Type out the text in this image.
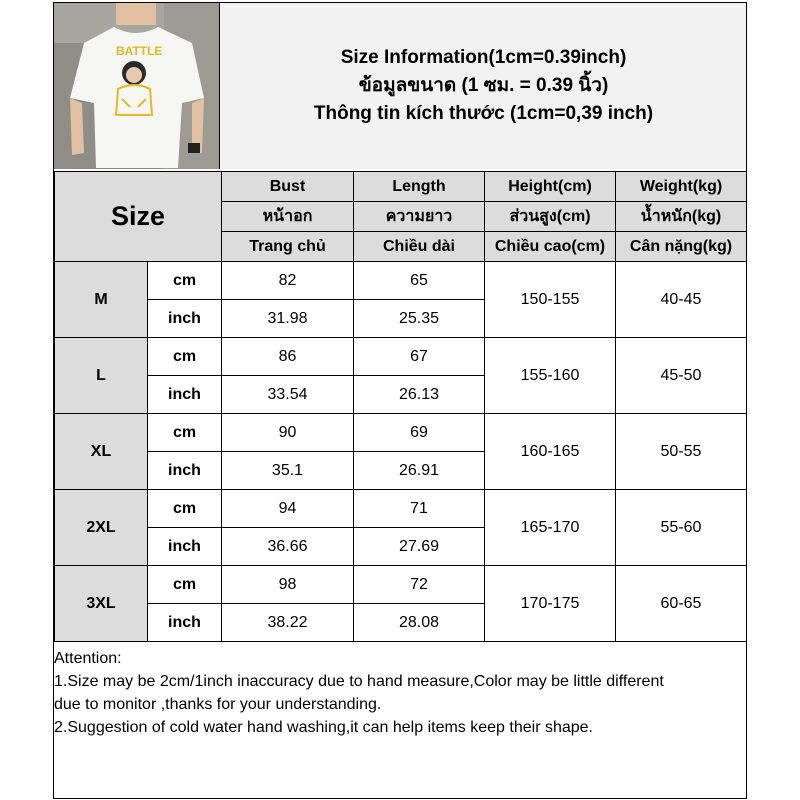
BATTLE	Size Information(1cm=0.39inch)
ข้อมูลขนาด (1 ซม. = 0.39 นิ้ว)
Thông tin kích thước (1cm=0,39 inch)
Size		Bust	Length	Height(cm)	Weight(kg)
		หน้าอก	ความยาว	ส่วนสูง(cm)	น้ำหนัก(kg)
		Trang chủ	Chiều dài	Chiều cao(cm)	Cân nặng(kg)
M	cm	82	65	150-155	40-45
	inch	31.98	25.35		
L	cm	86	67	155-160	45-50
	inch	33.54	26.13		
XL	cm	90	69	160-165	50-55
	inch	35.1	26.91		
2XL	cm	94	71	165-170	55-60
	inch	36.66	27.69		
3XL	cm	98	72	170-175	60-65
	inch	38.22	28.08		
Attention:
1.Size may be 2cm/1inch inaccuracy due to hand measure,Color may be little different
due to monitor ,thanks for your understanding.
2.Suggestion of cold water hand washing,it can help items keep their shape.
